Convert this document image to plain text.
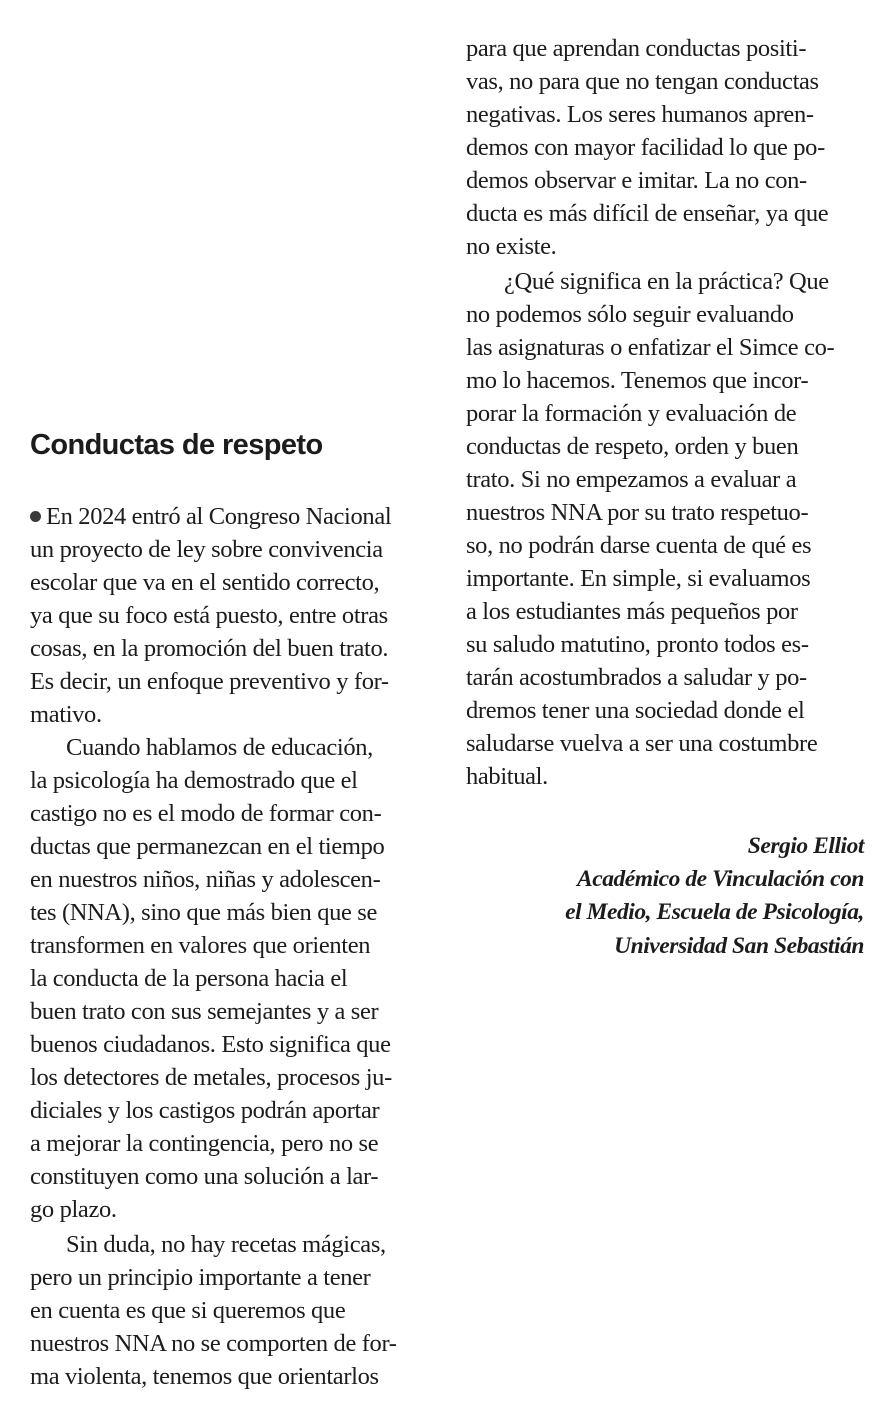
Conductas de respeto
En 2024 entró al Congreso Nacional
un proyecto de ley sobre convivencia
escolar que va en el sentido correcto,
ya que su foco está puesto, entre otras
cosas, en la promoción del buen trato.
Es decir, un enfoque preventivo y for-
mativo.
Cuando hablamos de educación,
la psicología ha demostrado que el
castigo no es el modo de formar con-
ductas que permanezcan en el tiempo
en nuestros niños, niñas y adolescen-
tes (NNA), sino que más bien que se
transformen en valores que orienten
la conducta de la persona hacia el
buen trato con sus semejantes y a ser
buenos ciudadanos. Esto significa que
los detectores de metales, procesos ju-
diciales y los castigos podrán aportar
a mejorar la contingencia, pero no se
constituyen como una solución a lar-
go plazo.
Sin duda, no hay recetas mágicas,
pero un principio importante a tener
en cuenta es que si queremos que
nuestros NNA no se comporten de for-
ma violenta, tenemos que orientarlos
para que aprendan conductas positi-
vas, no para que no tengan conductas
negativas. Los seres humanos apren-
demos con mayor facilidad lo que po-
demos observar e imitar. La no con-
ducta es más difícil de enseñar, ya que
no existe.
¿Qué significa en la práctica? Que
no podemos sólo seguir evaluando
las asignaturas o enfatizar el Simce co-
mo lo hacemos. Tenemos que incor-
porar la formación y evaluación de
conductas de respeto, orden y buen
trato. Si no empezamos a evaluar a
nuestros NNA por su trato respetuo-
so, no podrán darse cuenta de qué es
importante. En simple, si evaluamos
a los estudiantes más pequeños por
su saludo matutino, pronto todos es-
tarán acostumbrados a saludar y po-
dremos tener una sociedad donde el
saludarse vuelva a ser una costumbre
habitual.
Sergio Elliot
Académico de Vinculación con
el Medio, Escuela de Psicología,
Universidad San Sebastián
